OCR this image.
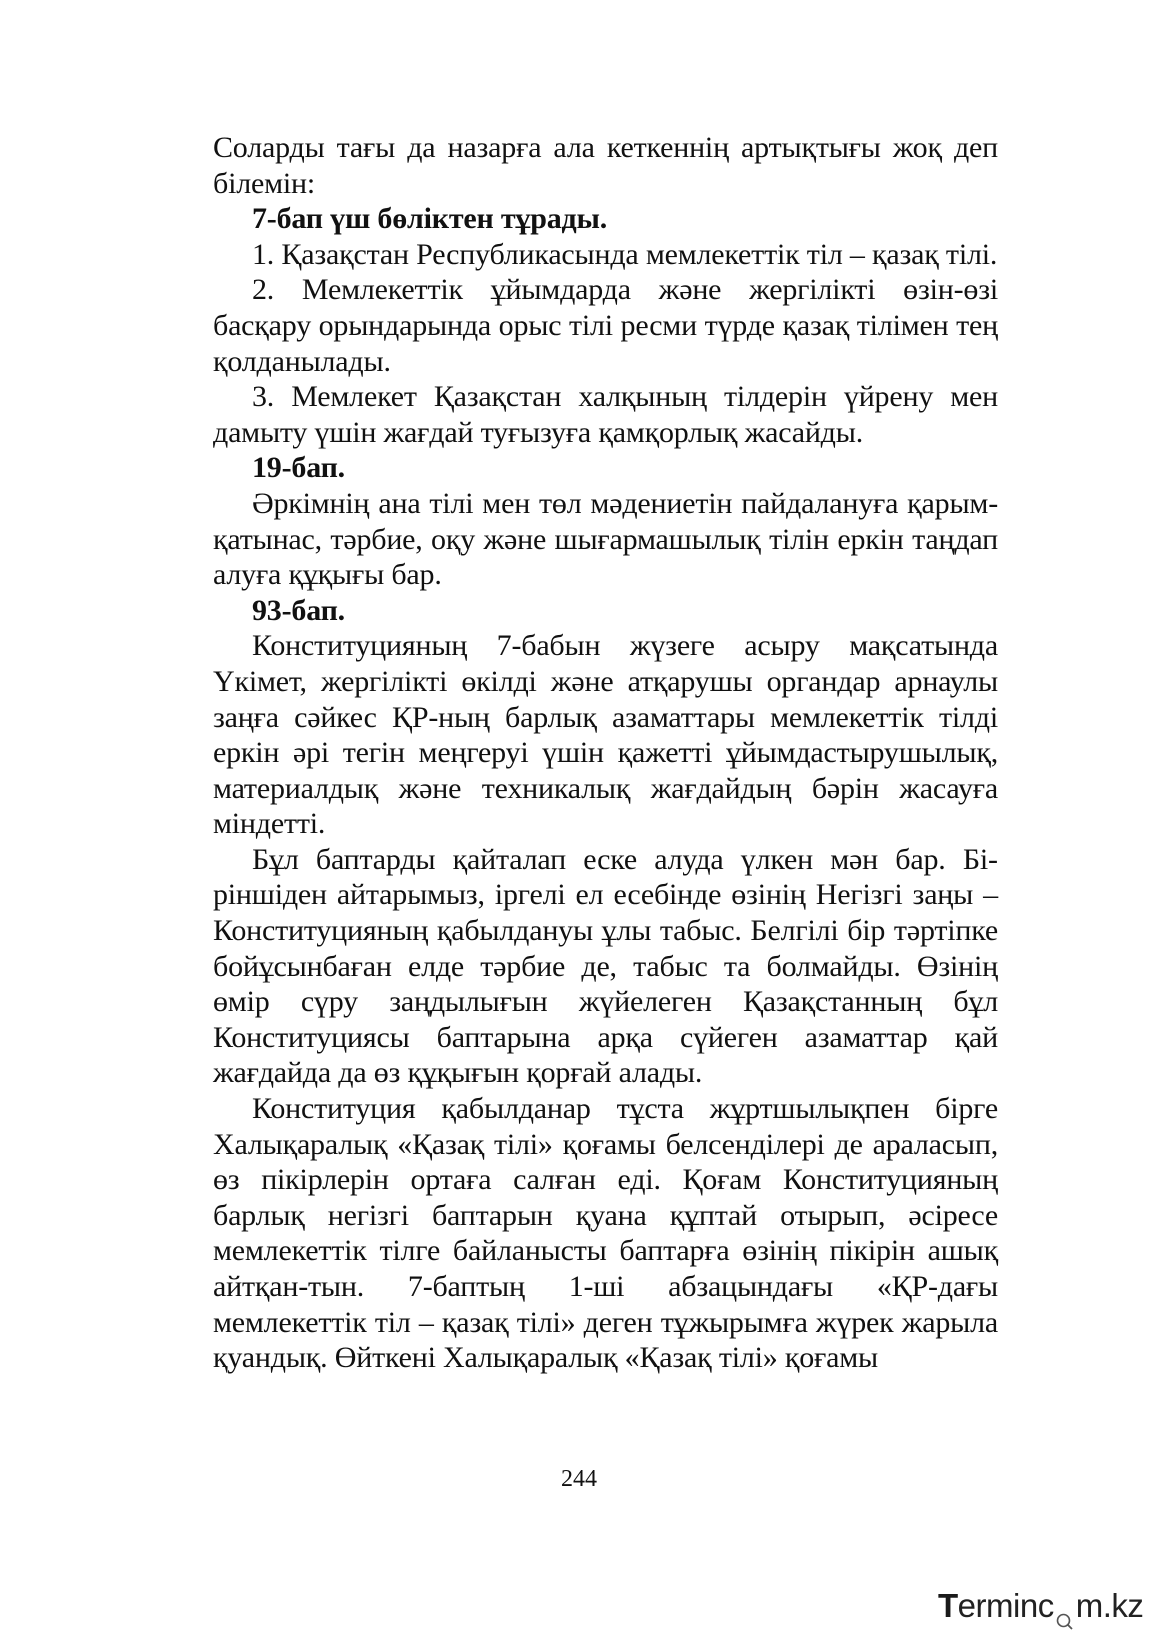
Соларды тағы да назарға ала кеткеннің артықтығы жоқ деп білемін:

7-бап үш бөліктен тұрады.

1. Қазақстан Республикасында мемлекеттік тіл – қазақ тілі.

2. Мемлекеттік ұйымдарда және жергілікті өзін-өзі басқару орындарында орыс тілі ресми түрде қазақ тілімен тең қолданылады.

3. Мемлекет Қазақстан халқының тілдерін үйрену мен дамыту үшін жағдай туғызуға қамқорлық жасайды.

19-бап.

Әркімнің ана тілі мен төл мәдениетін пайдалануға қарым-қатынас, тәрбие, оқу және шығармашылық тілін еркін таңдап алуға құқығы бар.

93-бап.

Конституцияның 7-бабын жүзеге асыру мақсатында Үкімет, жергілікті өкілді және атқарушы органдар арнаулы заңға сәйкес ҚР-ның барлық азаматтары мемлекеттік тілді еркін әрі тегін меңгеруі үшін қажетті ұйымдастырушылық, материалдық және техникалық жағдайдың бәрін жасауға міндетті.

Бұл баптарды қайталап еске алуда үлкен мән бар. Біріншіден айтарымыз, іргелі ел есебінде өзінің Негізгі заңы – Конституцияның қабылдануы ұлы табыс. Белгілі бір тәртіпке бойұсынбаған елде тәрбие де, табыс та болмайды. Өзінің өмір сүру заңдылығын жүйелеген Қазақстанның бұл Конституциясы баптарына арқа сүйеген азаматтар қай жағдайда да өз құқығын қорғай алады.

Конституция қабылданар тұста жұртшылықпен бірге Халықаралық «Қазақ тілі» қоғамы белсенділері де араласып, өз пікірлерін ортаға салған еді. Қоғам Конституцияның барлық негізгі баптарын қуана құптай отырып, әсіресе мемлекеттік тілге байланысты баптарға өзінің пікірін ашық айтқан-тын. 7-баптың 1-ші абзацындағы «ҚР-дағы мемлекеттік тіл – қазақ тілі» деген тұжырымға жүрек жарыла қуандық. Өйткені Халықаралық «Қазақ тілі» қоғамы

244
T erminc m.kz
